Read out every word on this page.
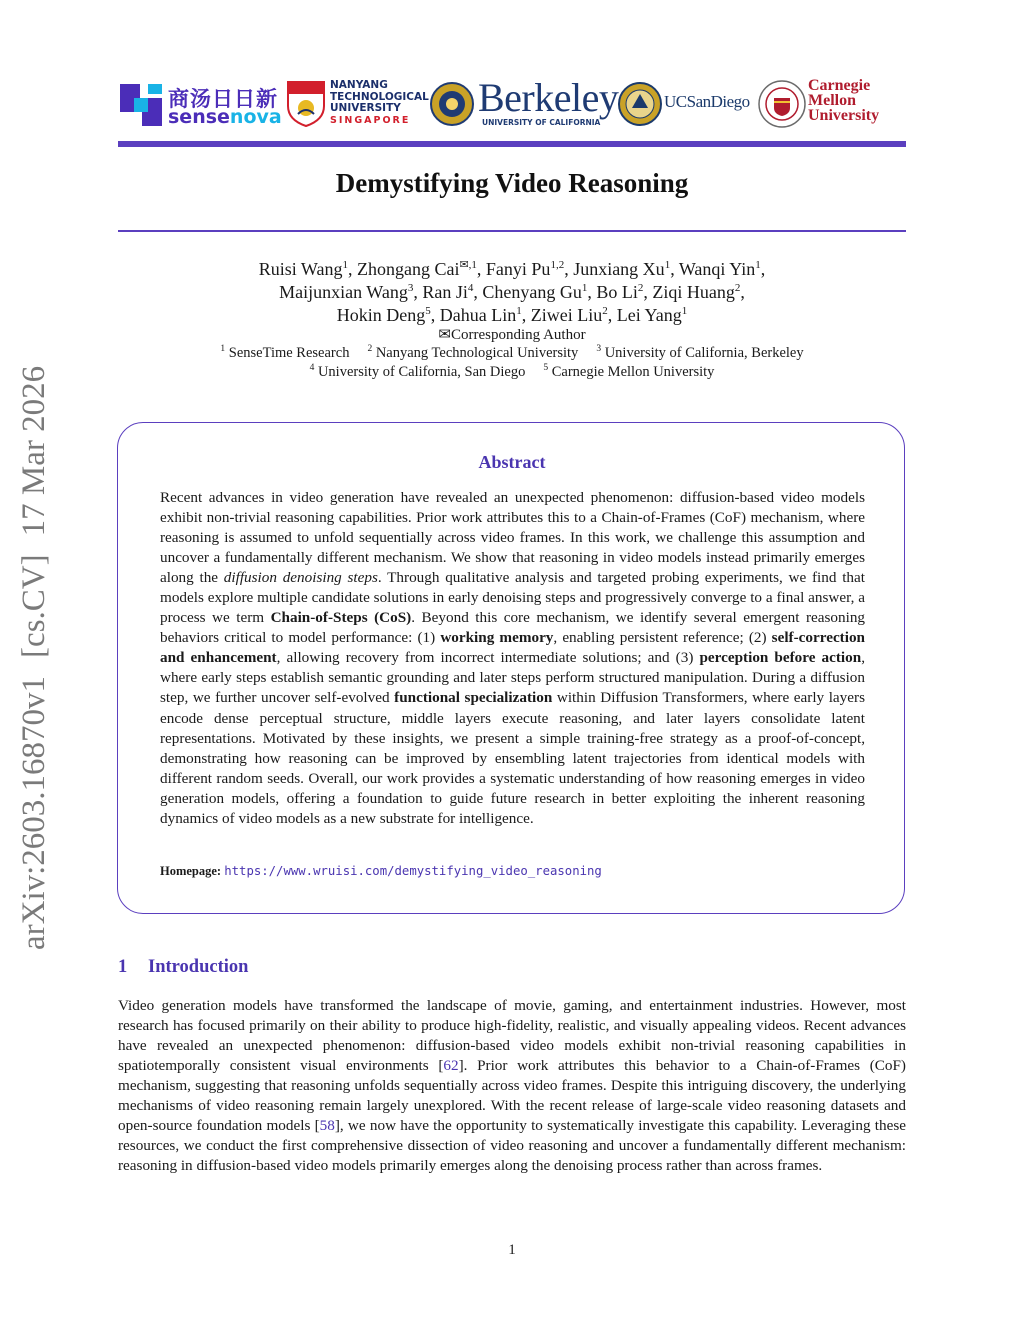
商汤日日新
sensenova
NANYANG
TECHNOLOGICAL
UNIVERSITY
SINGAPORE	Berkeley
UNIVERSITY OF CALIFORNIA
UCSanDiego
Carnegie
Mellon
University
Demystifying Video Reasoning
Ruisi Wang$^1$, Zhongang Cai$^{✉,1}$, Fanyi Pu$^{1,2}$, Junxiang Xu$^1$, Wanqi Yin$^1$,
Maijunxian Wang$^3$, Ran Ji$^4$, Chenyang Gu$^1$, Bo Li$^2$, Ziqi Huang$^2$,
Hokin Deng$^5$, Dahua Lin$^1$, Ziwei Liu$^2$, Lei Yang$^1$
✉Corresponding Author
$^1$ SenseTime Research $^2$ Nanyang Technological University $^3$ University of California, Berkeley
$^4$ University of California, San Diego $^5$ Carnegie Mellon University
arXiv:2603.16870v1[cs.CV]17 Mar 2026	Abstract
Recent advances in video generation have revealed an unexpected phenomenon: diffusion-based video models exhibit non-trivial reasoning capabilities. Prior work attributes this to a Chain-of-Frames (CoF) mechanism, where reasoning is assumed to unfold sequentially across video frames. In this work, we challenge this assumption and uncover a fundamentally different mechanism. We show that reasoning in video models instead primarily emerges along the diffusion denoising steps. Through qualitative analysis and targeted probing experiments, we find that models explore multiple candidate solutions in early denoising steps and progressively converge to a final answer, a process we term Chain-of-Steps (CoS). Beyond this core mechanism, we identify several emergent reasoning behaviors critical to model performance: (1) working memory, enabling persistent reference; (2) self-correction and enhancement, allowing recovery from incorrect intermediate solutions; and (3) perception before action, where early steps establish semantic grounding and later steps perform structured manipulation. During a diffusion step, we further uncover self-evolved functional specialization within Diffusion Transformers, where early layers encode dense perceptual structure, middle layers execute reasoning, and later layers consolidate latent representations. Motivated by these insights, we present a simple training-free strategy as a proof-of-concept, demonstrating how reasoning can be improved by ensembling latent trajectories from identical models with different random seeds. Overall, our work provides a systematic understanding of how reasoning emerges in video generation models, offering a foundation to guide future research in better exploiting the inherent reasoning dynamics of video models as a new substrate for intelligence.
Homepage: https://www.wruisi.com/demystifying_video_reasoning
1 Introduction
Video generation models have transformed the landscape of movie, gaming, and entertainment industries. However, most research has focused primarily on their ability to produce high-fidelity, realistic, and visually appealing videos. Recent advances have revealed an unexpected phenomenon: diffusion-based video models exhibit non-trivial reasoning capabilities in spatiotemporally consistent visual environments [62]. Prior work attributes this behavior to a Chain-of-Frames (CoF) mechanism, suggesting that reasoning unfolds sequentially across video frames. Despite this intriguing discovery, the underlying mechanisms of video reasoning remain largely unexplored. With the recent release of large-scale video reasoning datasets and open-source foundation models [58], we now have the opportunity to systematically investigate this capability. Leveraging these resources, we conduct the first comprehensive dissection of video reasoning and uncover a fundamentally different mechanism: reasoning in diffusion-based video models primarily emerges along the denoising process rather than across frames.
1
